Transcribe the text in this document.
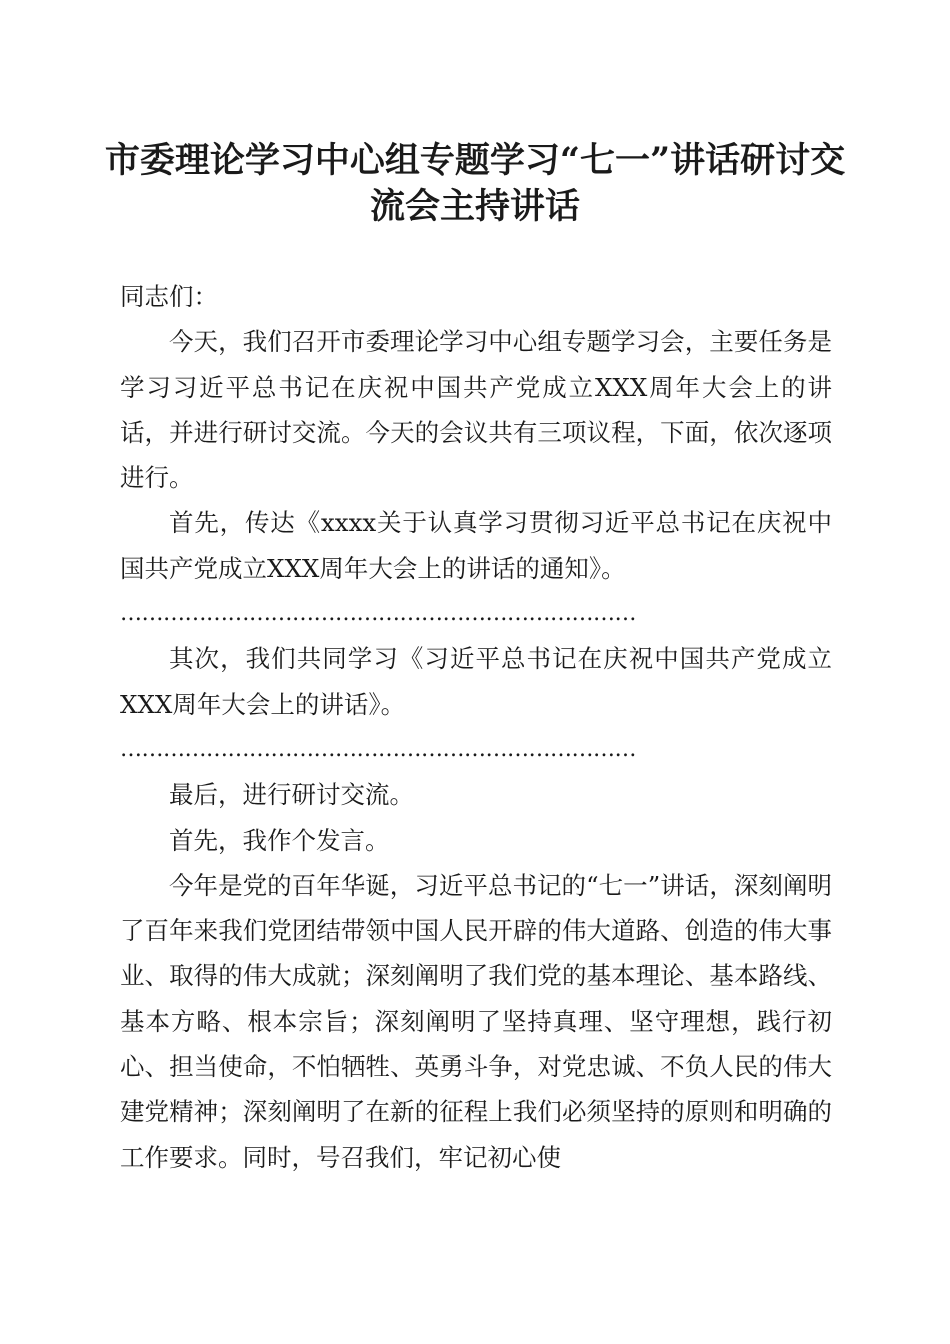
市委理论学习中心组专题学习“七一”讲话研讨交流会主持讲话

同志们：

今天，我们召开市委理论学习中心组专题学习会，主要任务是学习习近平总书记在庆祝中国共产党成立XXX周年大会上的讲话，并进行研讨交流。今天的会议共有三项议程，下面，依次逐项进行。

首先，传达《xxxx关于认真学习贯彻习近平总书记在庆祝中国共产党成立XXX周年大会上的讲话的通知》。

………………………………………………………………

其次，我们共同学习《习近平总书记在庆祝中国共产党成立XXX周年大会上的讲话》。

………………………………………………………………

最后，进行研讨交流。

首先，我作个发言。

今年是党的百年华诞，习近平总书记的“七一”讲话，深刻阐明了百年来我们党团结带领中国人民开辟的伟大道路、创造的伟大事业、取得的伟大成就；深刻阐明了我们党的基本理论、基本路线、基本方略、根本宗旨；深刻阐明了坚持真理、坚守理想，践行初心、担当使命，不怕牺牲、英勇斗争，对党忠诚、不负人民的伟大建党精神；深刻阐明了在新的征程上我们必须坚持的原则和明确的工作要求。同时，号召我们，牢记初心使
